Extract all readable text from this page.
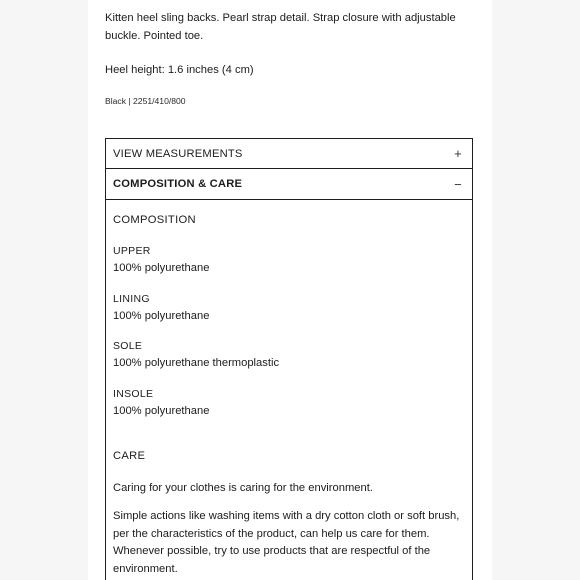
Kitten heel sling backs. Pearl strap detail. Strap closure with adjustable buckle. Pointed toe.
Heel height: 1.6 inches (4 cm)
Black | 2251/410/800
VIEW MEASUREMENTS	+
COMPOSITION & CARE	−
COMPOSITION
UPPER
100% polyurethane
LINING
100% polyurethane
SOLE
100% polyurethane thermoplastic
INSOLE
100% polyurethane
CARE
Caring for your clothes is caring for the environment.
Simple actions like washing items with a dry cotton cloth or soft brush, per the characteristics of the product, can help us care for them. Whenever possible, try to use products that are respectful of the environment.
